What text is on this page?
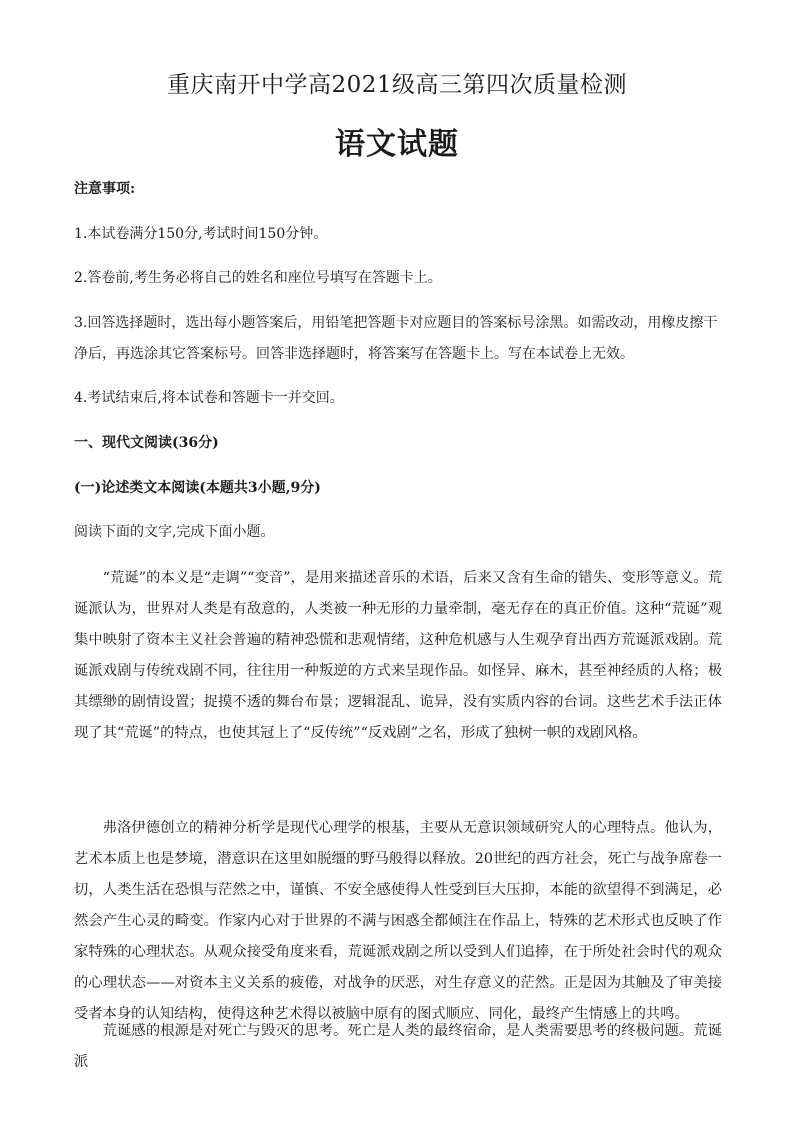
重庆南开中学高2021级高三第四次质量检测
语文试题
注意事项:
1.本试卷满分150分,考试时间150分钟。
2.答卷前,考生务必将自己的姓名和座位号填写在答题卡上。
3.回答选择题时，选出每小题答案后，用铅笔把答题卡对应题目的答案标号涂黑。如需改动，用橡皮擦干
净后，再选涂其它答案标号。回答非选择题时，将答案写在答题卡上。写在本试卷上无效。
4.考试结束后,将本试卷和答题卡一并交回。
一、现代文阅读(36分)
(一)论述类文本阅读(本题共3小题,9分)
阅读下面的文字,完成下面小题。
“荒诞”的本义是“走调”“变音”，是用来描述音乐的术语，后来又含有生命的错失、变形等意义。荒诞派认为，世界对人类是有敌意的，人类被一种无形的力量牵制，毫无存在的真正价值。这种“荒诞”观集中映射了资本主义社会普遍的精神恐慌和悲观情绪，这种危机感与人生观孕育出西方荒诞派戏剧。荒诞派戏剧与传统戏剧不同，往往用一种叛逆的方式来呈现作品。如怪异、麻木，甚至神经质的人格；极其缥缈的剧情设置；捉摸不透的舞台布景；逻辑混乱、诡异，没有实质内容的台词。这些艺术手法正体现了其“荒诞”的特点，也使其冠上了“反传统”“反戏剧”之名，形成了独树一帜的戏剧风格。
弗洛伊德创立的精神分析学是现代心理学的根基，主要从无意识领域研究人的心理特点。他认为，艺术本质上也是梦境，潜意识在这里如脱缰的野马般得以释放。20世纪的西方社会，死亡与战争席卷一切，人类生活在恐惧与茫然之中，谨慎、不安全感使得人性受到巨大压抑，本能的欲望得不到满足，必然会产生心灵的畸变。作家内心对于世界的不满与困惑全都倾注在作品上，特殊的艺术形式也反映了作家特殊的心理状态。从观众接受角度来看，荒诞派戏剧之所以受到人们追捧，在于所处社会时代的观众的心理状态——对资本主义关系的疲倦，对战争的厌恶，对生存意义的茫然。正是因为其触及了审美接受者本身的认知结构，使得这种艺术得以被脑中原有的图式顺应、同化，最终产生情感上的共鸣。
荒诞感的根源是对死亡与毁灭的思考。死亡是人类的最终宿命，是人类需要思考的终极问题。荒诞派
